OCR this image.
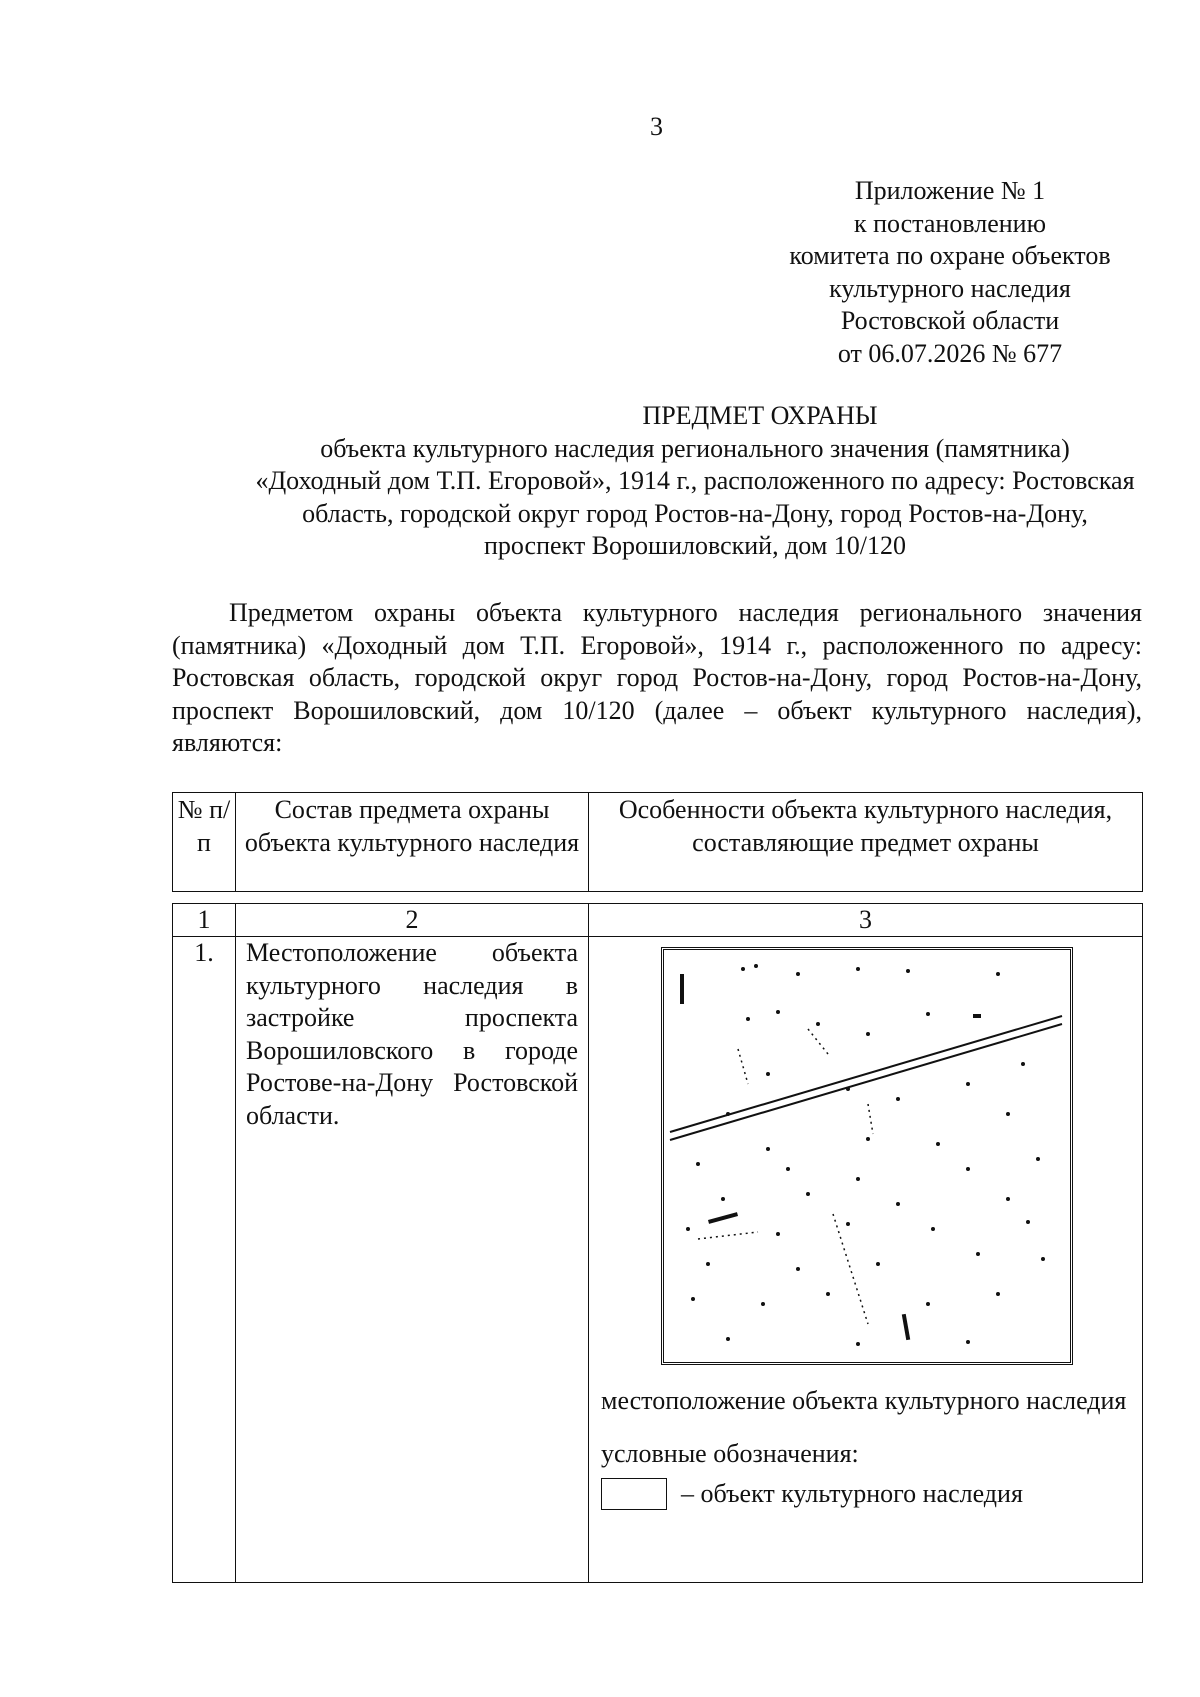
3
Приложение № 1
к постановлению
комитета по охране объектов
культурного наследия
Ростовской области
от 06.07.2026 № 677
ПРЕДМЕТ ОХРАНЫ
объекта культурного наследия регионального значения (памятника)
«Доходный дом Т.П. Егоровой», 1914 г., расположенного по адресу: Ростовская
область, городской округ город Ростов-на-Дону, город Ростов-на-Дону,
проспект Ворошиловский, дом 10/120
Предметом охраны объекта культурного наследия регионального значения (памятника) «Доходный дом Т.П. Егоровой», 1914 г., расположенного по адресу: Ростовская область, городской округ город Ростов-на-Дону, город Ростов-на-Дону, проспект Ворошиловский, дом 10/120 (далее – объект культурного наследия), являются:
№ п/п	Состав предмета охраны объекта культурного наследия	Особенности объекта культурного наследия, составляющие предмет охраны
1	2	3
1.	Местоположение объекта культурного наследия в застройке проспекта Ворошиловского в городе Ростове-на-Дону Ростовской области.	местоположение объекта культурного наследия
условные обозначения:
– объект культурного наследия
